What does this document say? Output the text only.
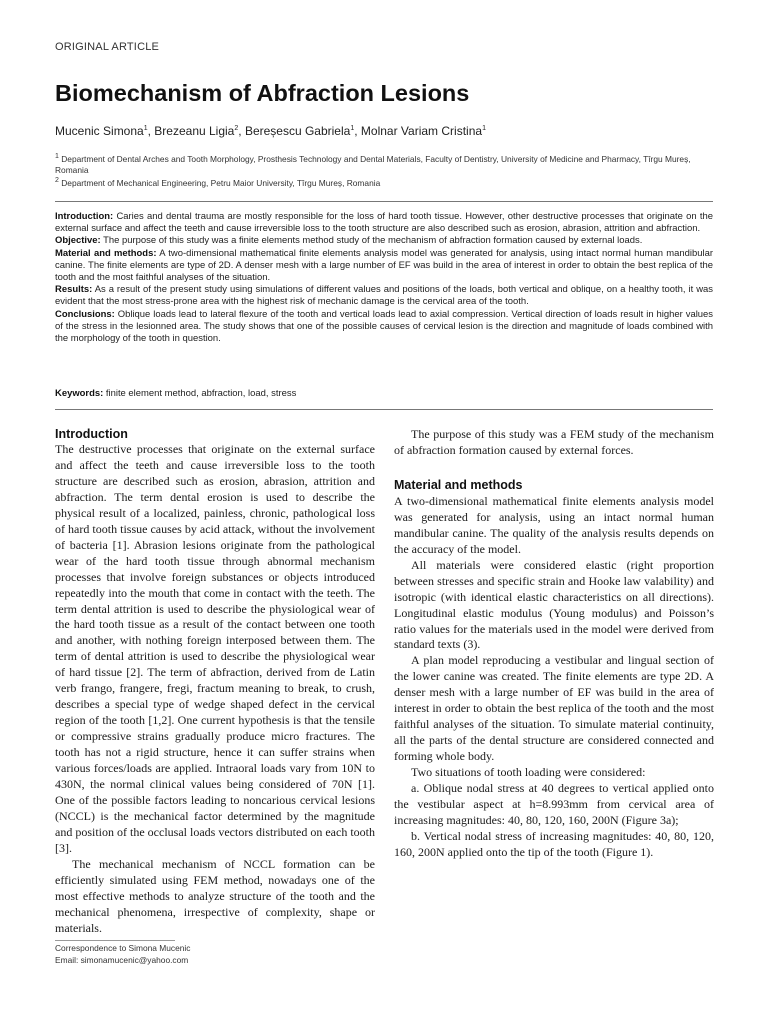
ORIGINAL ARTICLE
Biomechanism of Abfraction Lesions
Mucenic Simona$^1$, Brezeanu Ligia$^2$, Bereșescu Gabriela$^1$, Molnar Variam Cristina$^1$
$^1$ Department of Dental Arches and Tooth Morphology, Prosthesis Technology and Dental Materials, Faculty of Dentistry, University of Medicine and Pharmacy, Tîrgu Mureș, Romania
$^2$ Department of Mechanical Engineering, Petru Maior University, Tîrgu Mureș, Romania

Introduction: Caries and dental trauma are mostly responsible for the loss of hard tooth tissue. However, other destructive processes that originate on the external surface and affect the teeth and cause irreversible loss to the tooth structure are also described such as erosion, abrasion, attrition and abfraction.

Objective: The purpose of this study was a finite elements method study of the mechanism of abfraction formation caused by external loads.

Material and methods: A two-dimensional mathematical finite elements analysis model was generated for analysis, using intact normal human mandibular canine. The finite elements are type of 2D. A denser mesh with a large number of EF was build in the area of interest in order to obtain the best replica of the tooth and the most faithful analyses of the situation.

Results: As a result of the present study using simulations of different values and positions of the loads, both vertical and oblique, on a healthy tooth, it was evident that the most stress-prone area with the highest risk of mechanic damage is the cervical area of the tooth.

Conclusions: Oblique loads lead to lateral flexure of the tooth and vertical loads lead to axial compression. Vertical direction of loads result in higher values of the stress in the lesionned area. The study shows that one of the possible causes of cervical lesion is the direction and magnitude of loads combined with the morphology of the tooth in question.

Keywords: finite element method, abfraction, load, stress
Introduction

The destructive processes that originate on the external surface and affect the teeth and cause irreversible loss to the tooth structure are described such as erosion, abrasion, attrition and abfraction. The term dental erosion is used to describe the physical result of a localized, painless, chronic, pathological loss of hard tooth tissue causes by acid attack, without the involvement of bacteria [1]. Abrasion lesions originate from the pathological wear of the hard tooth tissue through abnormal mechanism processes that involve foreign substances or objects introduced repeatedly into the mouth that come in contact with the teeth. The term dental attrition is used to describe the physiological wear of the hard tooth tissue as a result of the contact between one tooth and another, with nothing foreign interposed between them. The term of dental attrition is used to describe the physiological wear of hard tissue [2]. The term of abfraction, derived from de Latin verb frango, frangere, fregi, fractum meaning to break, to crush, describes a special type of wedge shaped defect in the cervical region of the tooth [1,2]. One current hypothesis is that the tensile or compressive strains gradually produce micro fractures. The tooth has not a rigid structure, hence it can suffer strains when various forces/loads are applied. Intraoral loads vary from 10N to 430N, the normal clinical values being considered of 70N [1]. One of the possible factors leading to noncarious cervical lesions (NCCL) is the mechanical factor determined by the magnitude and position of the occlusal loads vectors distributed on each tooth [3].

The mechanical mechanism of NCCL formation can be efficiently simulated using FEM method, nowadays one of the most effective methods to analyze structure of the tooth and the mechanical phenomena, irrespective of complexity, shape or materials.

The purpose of this study was a FEM study of the mechanism of abfraction formation caused by external forces.

Material and methods

A two-dimensional mathematical finite elements analysis model was generated for analysis, using an intact normal human mandibular canine. The quality of the analysis results depends on the accuracy of the model.

All materials were considered elastic (right proportion between stresses and specific strain and Hooke law valability) and isotropic (with identical elastic characteristics on all directions). Longitudinal elastic modulus (Young modulus) and Poisson’s ratio values for the materials used in the model were derived from standard texts (3).

A plan model reproducing a vestibular and lingual section of the lower canine was created. The finite elements are type 2D. A denser mesh with a large number of EF was build in the area of interest in order to obtain the best replica of the tooth and the most faithful analyses of the situation. To simulate material continuity, all the parts of the dental structure are considered connected and forming whole body.

Two situations of tooth loading were considered:

a. Oblique nodal stress at 40 degrees to vertical applied onto the vestibular aspect at h=8.993mm from cervical area of increasing magnitudes: 40, 80, 120, 160, 200N (Figure 3a);

b. Vertical nodal stress of increasing magnitudes: 40, 80, 120, 160, 200N applied onto the tip of the tooth (Figure 1).

Correspondence to Simona Mucenic
Email: simonamucenic@yahoo.com
